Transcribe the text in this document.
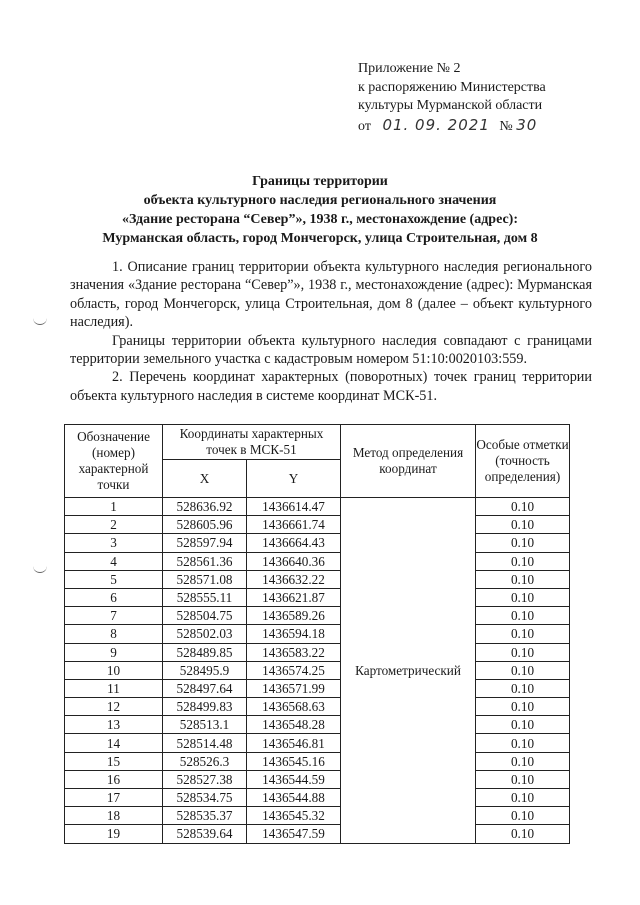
Приложение № 2
к распоряжению Министерства
культуры Мурманской области
от 01. 09. 2021 № 30
Границы территории
объекта культурного наследия регионального значения
«Здание ресторана “Север”», 1938 г., местонахождение (адрес):
Мурманская область, город Мончегорск, улица Строительная, дом 8

1. Описание границ территории объекта культурного наследия регионального значения «Здание ресторана “Север”», 1938 г., местонахождение (адрес): Мурманская область, город Мончегорск, улица Строительная, дом 8 (далее – объект культурного наследия).

Границы территории объекта культурного наследия совпадают с границами территории земельного участка с кадастровым номером 51:10:0020103:559.

2. Перечень координат характерных (поворотных) точек границ территории объекта культурного наследия в системе координат МСК-51.

Обозначение (номер) характерной точки	Координаты характерных точек в МСК-51		Метод определения координат	Особые отметки (точность определения)
	X	Y		
1	528636.92	1436614.47	Картометрический	0.10
2	528605.96	1436661.74		0.10
3	528597.94	1436664.43		0.10
4	528561.36	1436640.36		0.10
5	528571.08	1436632.22		0.10
6	528555.11	1436621.87		0.10
7	528504.75	1436589.26		0.10
8	528502.03	1436594.18		0.10
9	528489.85	1436583.22		0.10
10	528495.9	1436574.25		0.10
11	528497.64	1436571.99		0.10
12	528499.83	1436568.63		0.10
13	528513.1	1436548.28		0.10
14	528514.48	1436546.81		0.10
15	528526.3	1436545.16		0.10
16	528527.38	1436544.59		0.10
17	528534.75	1436544.88		0.10
18	528535.37	1436545.32		0.10
19	528539.64	1436547.59		0.10
